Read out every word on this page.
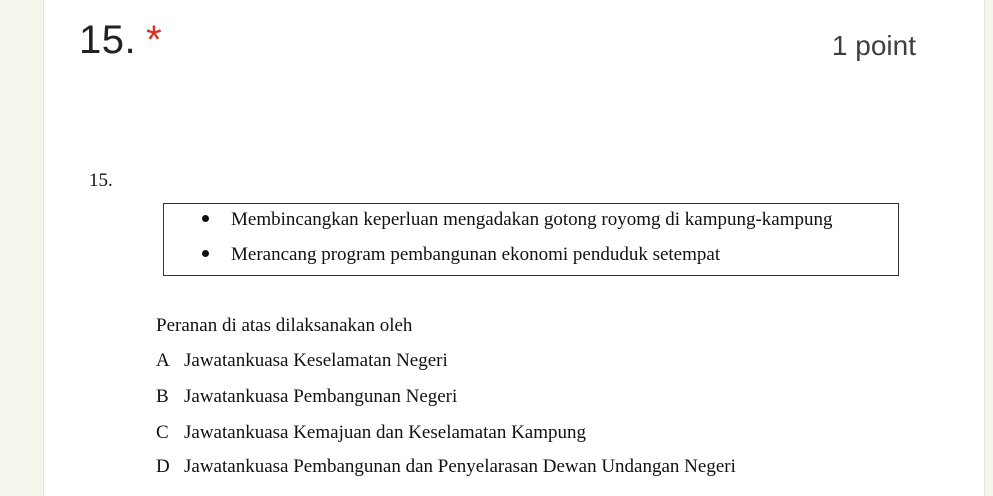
15. *	1 point
15.
Membincangkan keperluan mengadakan gotong royomg di kampung-kampung
Merancang program pembangunan ekonomi penduduk setempat
Peranan di atas dilaksanakan oleh
A Jawatankuasa Keselamatan Negeri
B Jawatankuasa Pembangunan Negeri
C Jawatankuasa Kemajuan dan Keselamatan Kampung
D Jawatankuasa Pembangunan dan Penyelarasan Dewan Undangan Negeri
